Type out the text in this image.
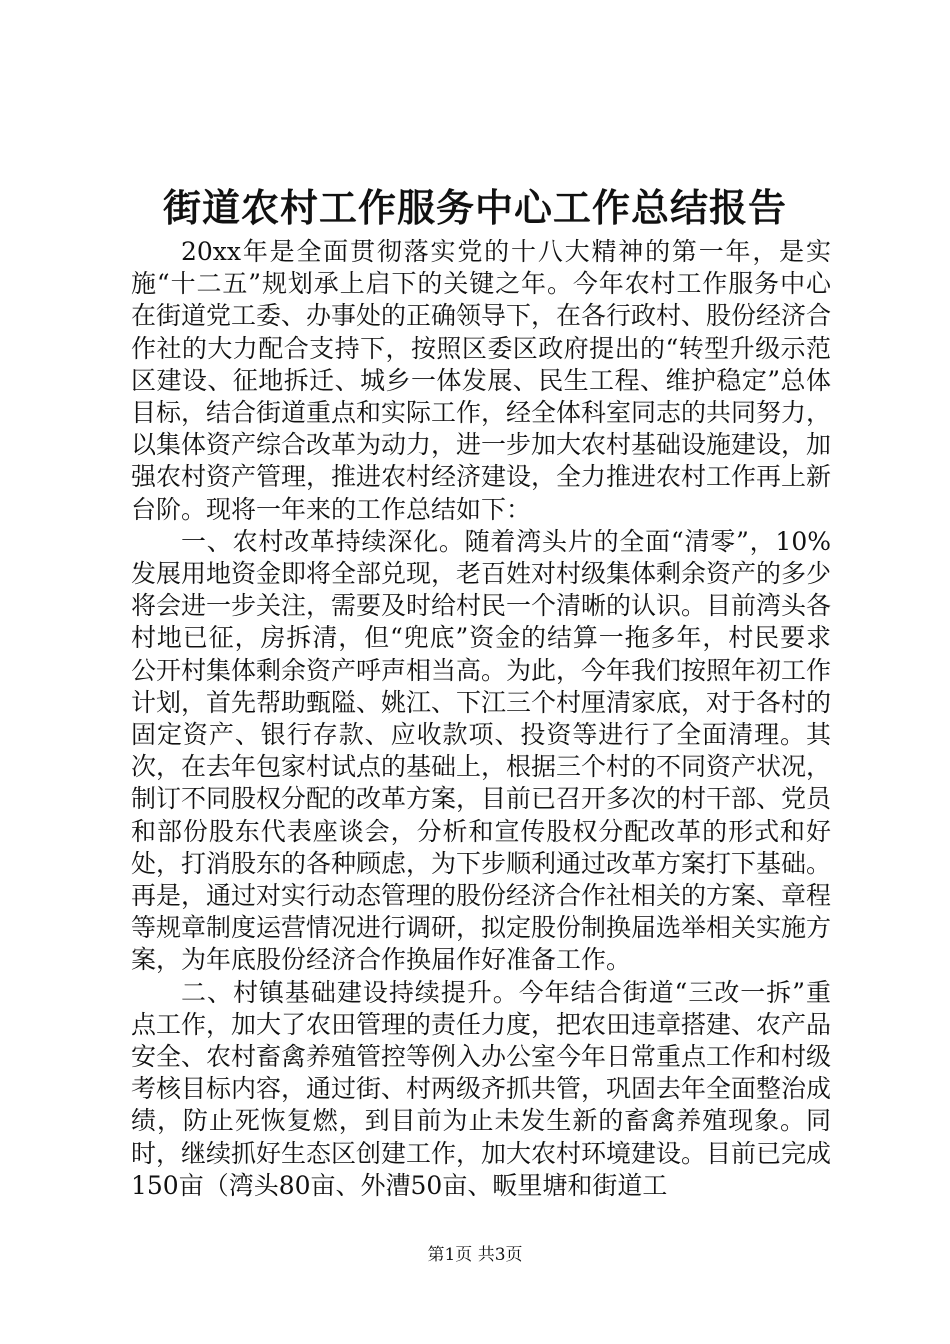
街道农村工作服务中心工作总结报告

20xx年是全面贯彻落实党的十八大精神的第一年，是实施“十二五”规划承上启下的关键之年。今年农村工作服务中心在街道党工委、办事处的正确领导下，在各行政村、股份经济合作社的大力配合支持下，按照区委区政府提出的“转型升级示范区建设、征地拆迁、城乡一体发展、民生工程、维护稳定”总体目标，结合街道重点和实际工作，经全体科室同志的共同努力，以集体资产综合改革为动力，进一步加大农村基础设施建设，加强农村资产管理，推进农村经济建设，全力推进农村工作再上新台阶。现将一年来的工作总结如下：

一、农村改革持续深化。随着湾头片的全面“清零”，10%发展用地资金即将全部兑现，老百姓对村级集体剩余资产的多少将会进一步关注，需要及时给村民一个清晰的认识。目前湾头各村地已征，房拆清，但“兜底”资金的结算一拖多年，村民要求公开村集体剩余资产呼声相当高。为此，今年我们按照年初工作计划，首先帮助甄隘、姚江、下江三个村厘清家底，对于各村的固定资产、银行存款、应收款项、投资等进行了全面清理。其次，在去年包家村试点的基础上，根据三个村的不同资产状况，制订不同股权分配的改革方案，目前已召开多次的村干部、党员和部份股东代表座谈会，分析和宣传股权分配改革的形式和好处，打消股东的各种顾虑，为下步顺利通过改革方案打下基础。再是，通过对实行动态管理的股份经济合作社相关的方案、章程等规章制度运营情况进行调研，拟定股份制换届选举相关实施方案，为年底股份经济合作换届作好准备工作。

二、村镇基础建设持续提升。今年结合街道“三改一拆”重点工作，加大了农田管理的责任力度，把农田违章搭建、农产品安全、农村畜禽养殖管控等例入办公室今年日常重点工作和村级考核目标内容，通过街、村两级齐抓共管，巩固去年全面整治成绩，防止死恢复燃，到目前为止未发生新的畜禽养殖现象。同时，继续抓好生态区创建工作，加大农村环境建设。目前已完成150亩（湾头80亩、外漕50亩、畈里塘和街道工

第1页 共3页
